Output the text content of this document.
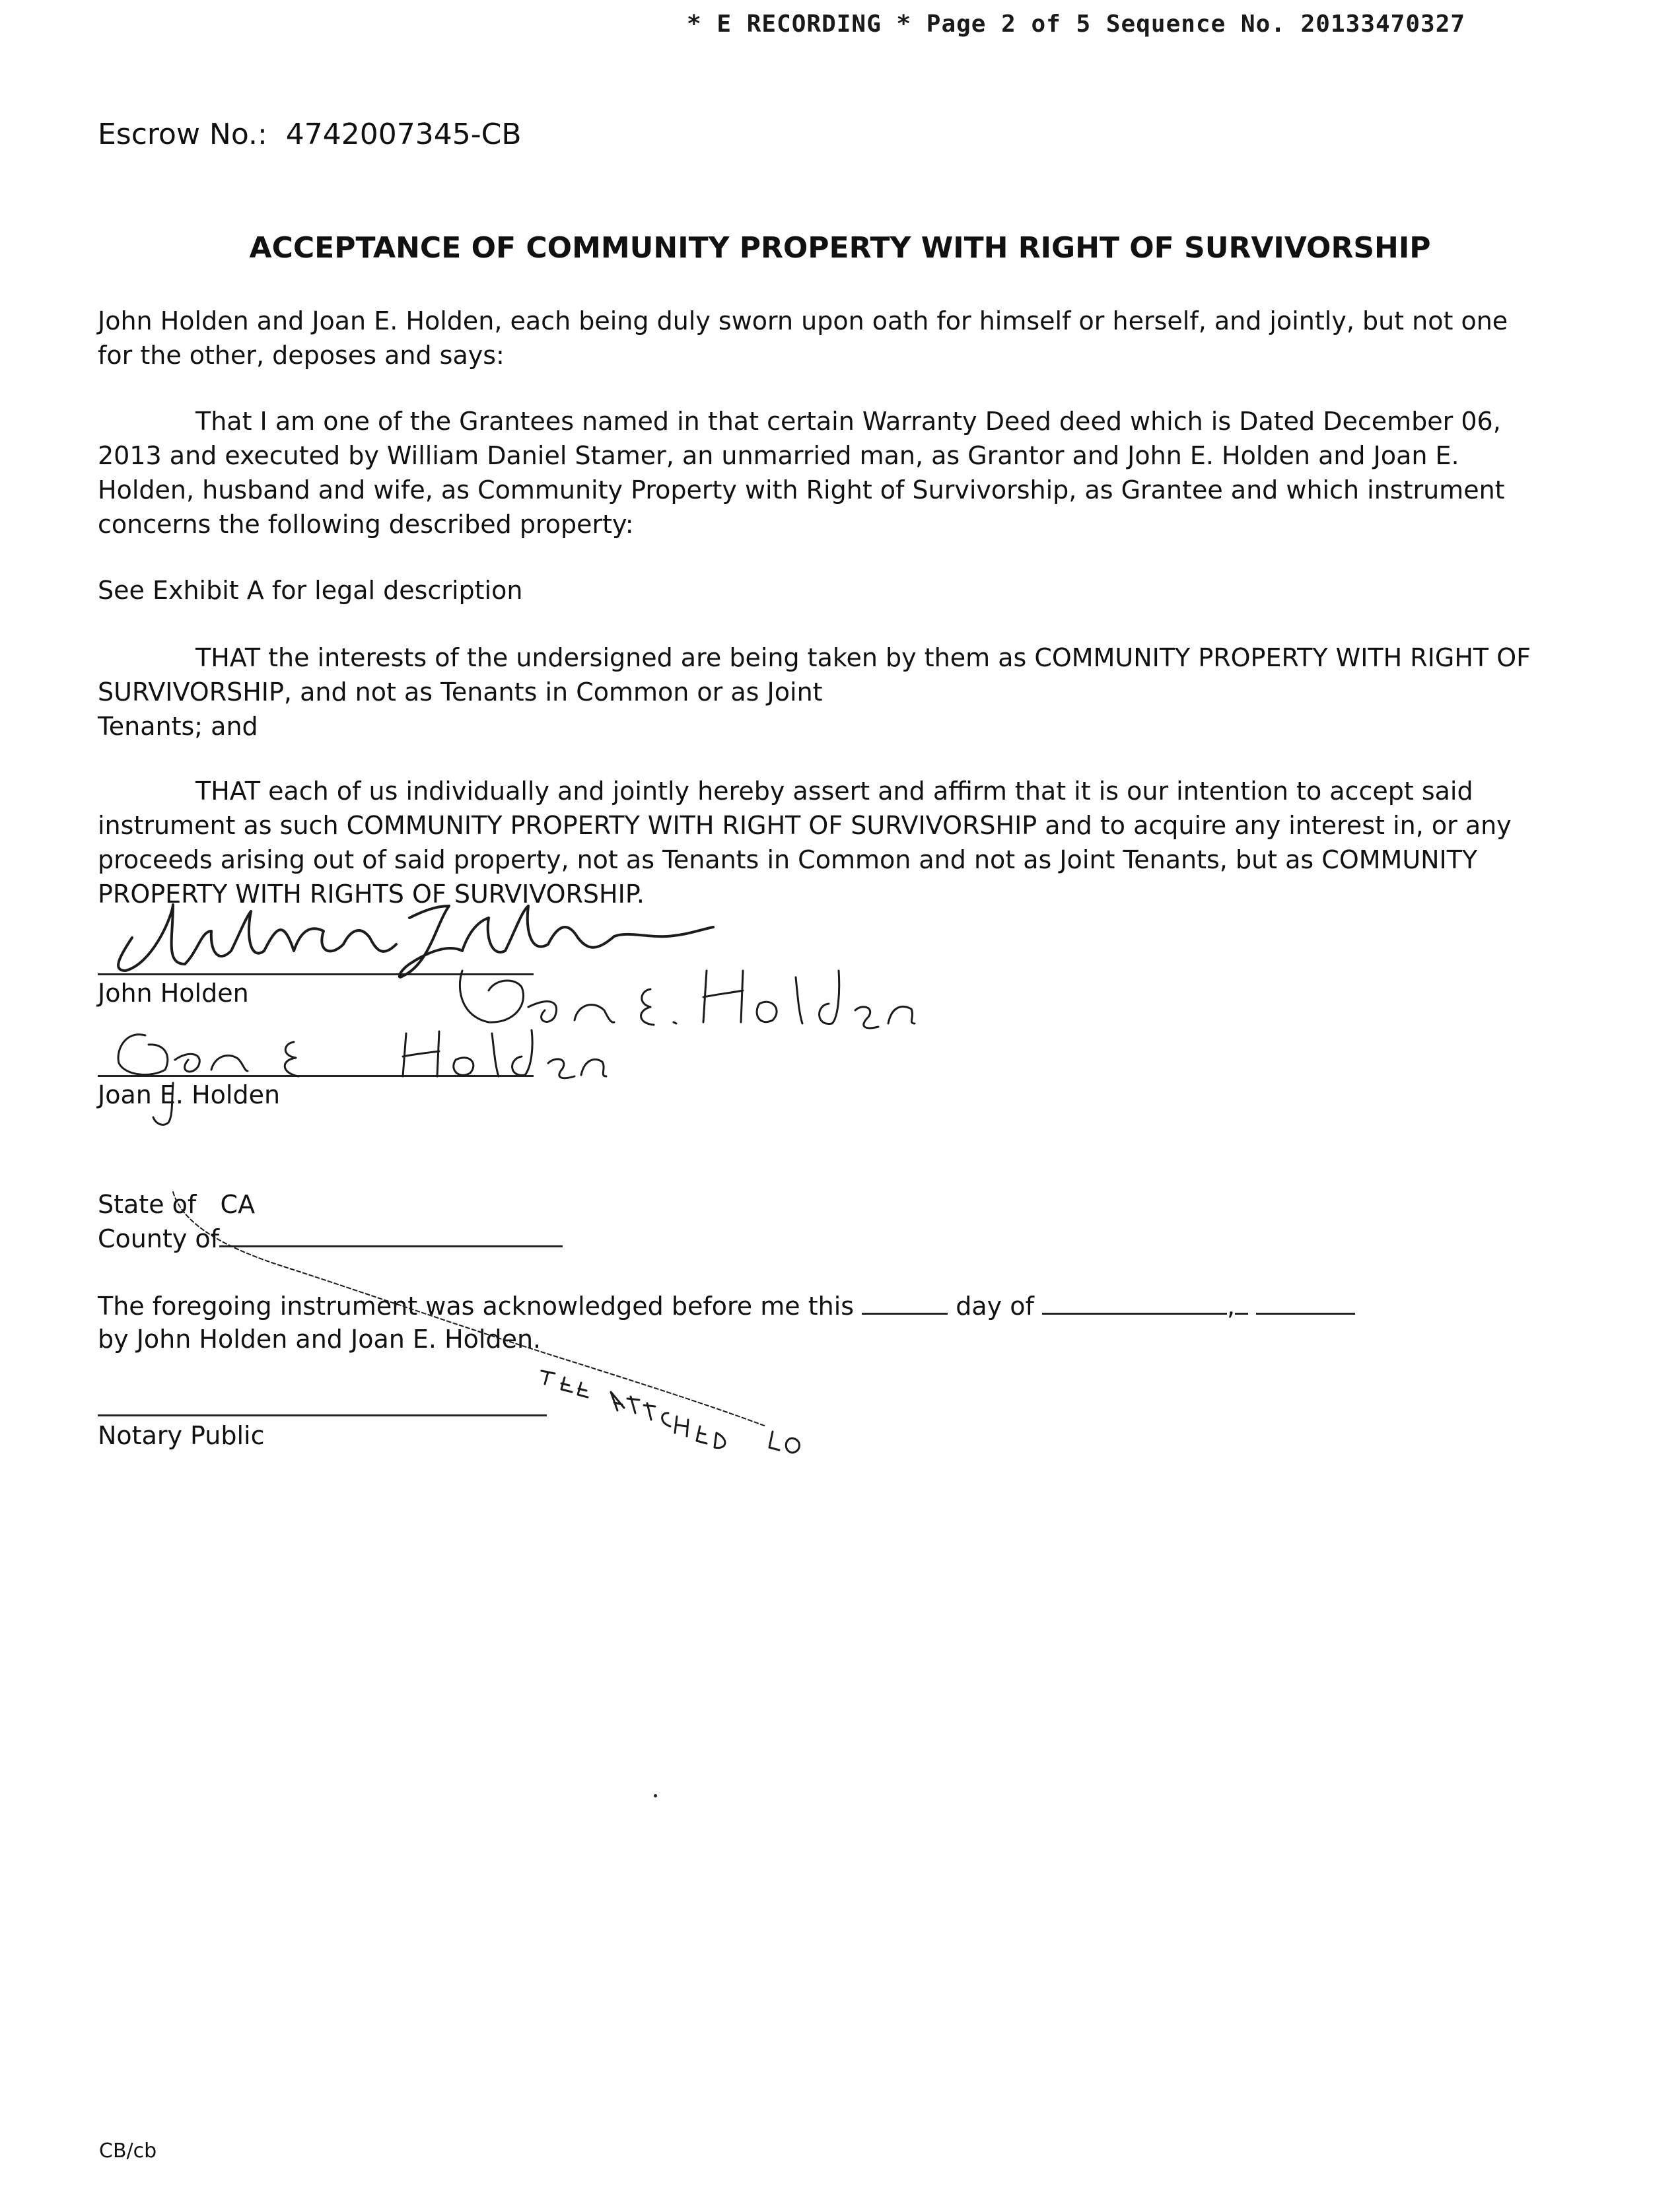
* E RECORDING * Page 2 of 5 Sequence No. 20133470327
Escrow No.: 4742007345-CB
ACCEPTANCE OF COMMUNITY PROPERTY WITH RIGHT OF SURVIVORSHIP
John Holden and Joan E. Holden, each being duly sworn upon oath for himself or herself, and jointly, but not one for the other, deposes and says:
That I am one of the Grantees named in that certain Warranty Deed deed which is Dated December 06, 2013 and executed by William Daniel Stamer, an unmarried man, as Grantor and John E. Holden and Joan E. Holden, husband and wife, as Community Property with Right of Survivorship, as Grantee and which instrument concerns the following described property:
See Exhibit A for legal description
THAT the interests of the undersigned are being taken by them as COMMUNITY PROPERTY WITH RIGHT OF SURVIVORSHIP, and not as Tenants in Common or as Joint
Tenants; and
THAT each of us individually and jointly hereby assert and affirm that it is our intention to accept said instrument as such COMMUNITY PROPERTY WITH RIGHT OF SURVIVORSHIP and to acquire any interest in, or any proceeds arising out of said property, not as Tenants in Common and not as Joint Tenants, but as COMMUNITY PROPERTY WITH RIGHTS OF SURVIVORSHIP.
John Holden
Joan E. Holden
State of CA
County of
The foregoing instrument was acknowledged before me this	day of	,
by John Holden and Joan E. Holden.
Notary Public
CB/cb
